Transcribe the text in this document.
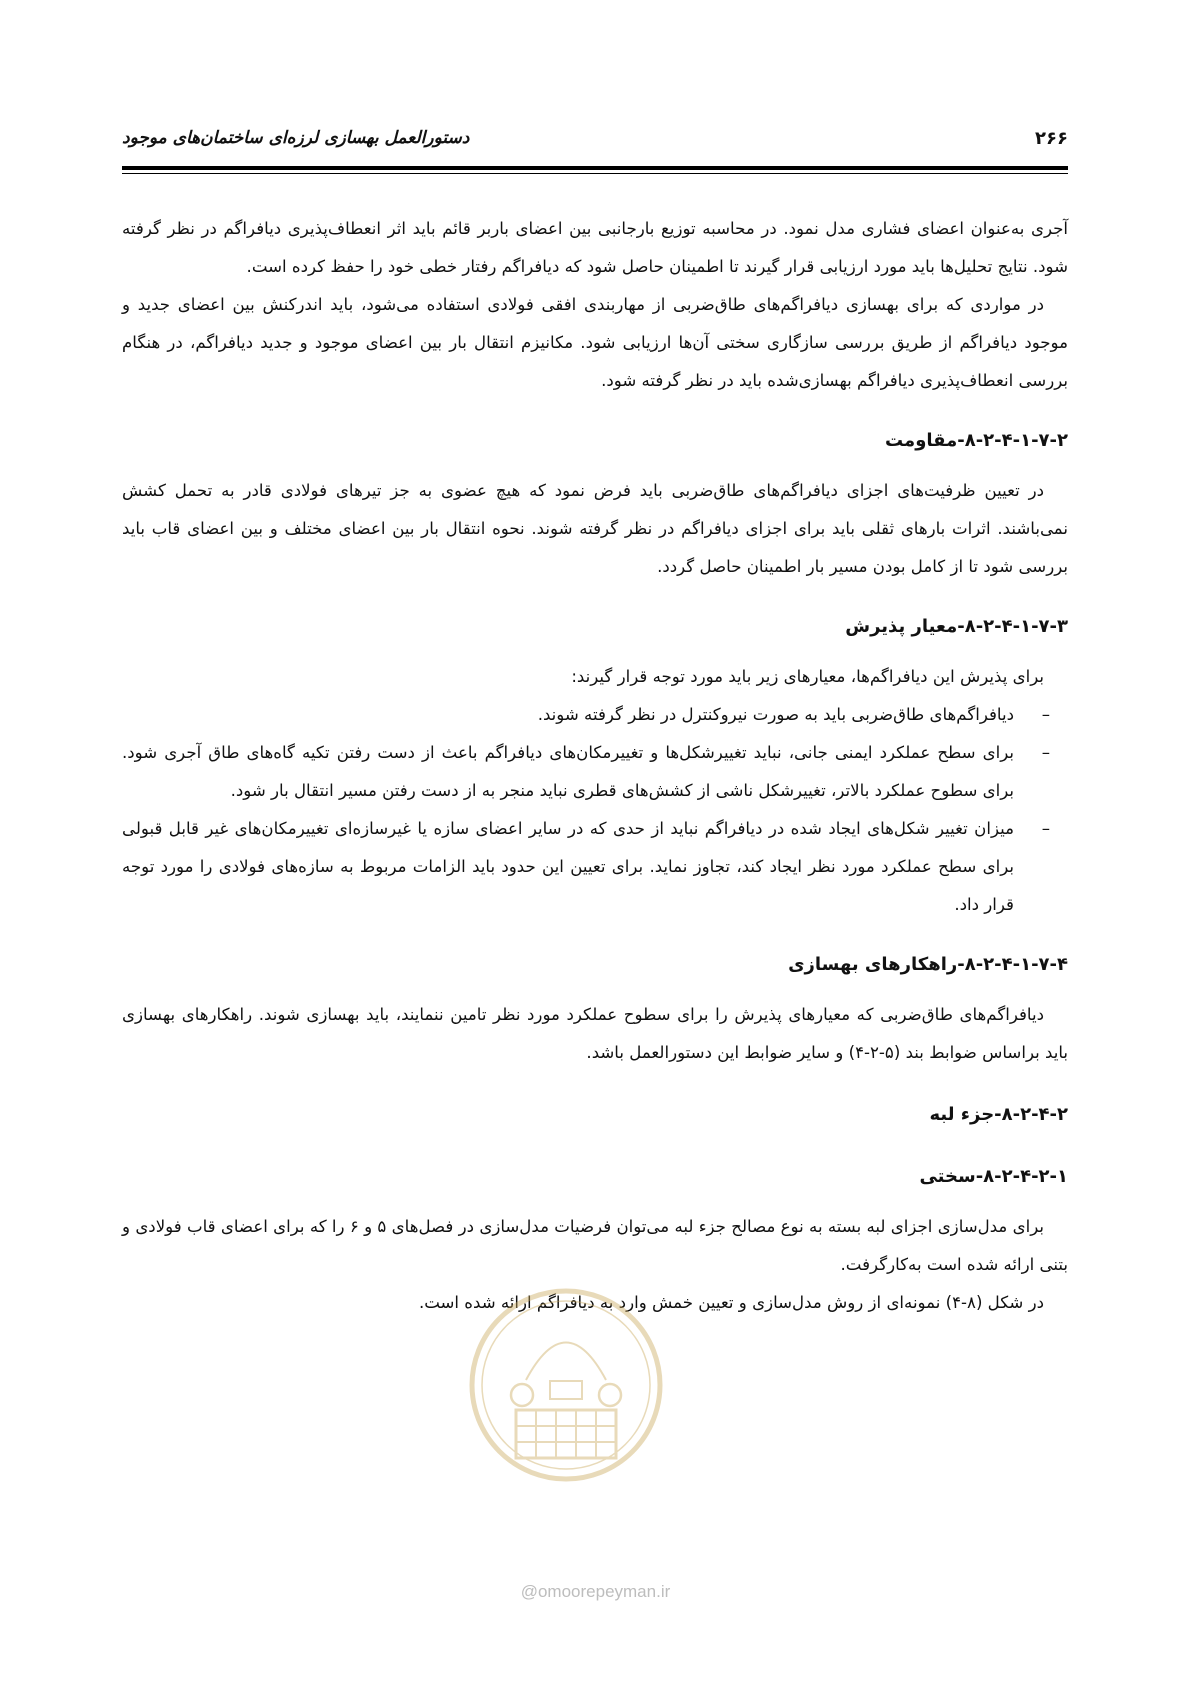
دستورالعمل بهسازی لرزه‌ای ساختمان‌های موجود	۲۶۶

آجری به‌عنوان اعضای فشاری مدل نمود. در محاسبه توزیع بارجانبی بین اعضای باربر قائم باید اثر انعطاف‌پذیری دیافراگم در نظر گرفته شود. نتایج تحلیل‌ها باید مورد ارزیابی قرار گیرند تا اطمینان حاصل شود که دیافراگم رفتار خطی خود را حفظ کرده است.

در مواردی که برای بهسازی دیافراگم‌های طاق‌ضربی از مهاربندی افقی فولادی استفاده می‌شود، باید اندرکنش بین اعضای جدید و موجود دیافراگم از طریق بررسی سازگاری سختی آن‌ها ارزیابی شود. مکانیزم انتقال بار بین اعضای موجود و جدید دیافراگم، در هنگام بررسی انعطاف‌پذیری دیافراگم بهسازی‌شده باید در نظر گرفته شود.

۸-۲-۴-۱-۷-۲-مقاومت

در تعیین ظرفیت‌های اجزای دیافراگم‌های طاق‌ضربی باید فرض نمود که هیچ عضوی به جز تیرهای فولادی قادر به تحمل کشش نمی‌باشند. اثرات بارهای ثقلی باید برای اجزای دیافراگم در نظر گرفته شوند. نحوه انتقال بار بین اعضای مختلف و بین اعضای قاب باید بررسی شود تا از کامل بودن مسیر بار اطمینان حاصل گردد.

۸-۲-۴-۱-۷-۳-معیار پذیرش

برای پذیرش این دیافراگم‌ها، معیارهای زیر باید مورد توجه قرار گیرند:

–
دیافراگم‌های طاق‌ضربی باید به صورت نیروکنترل در نظر گرفته شوند.
–
برای سطح عملکرد ایمنی جانی، نباید تغییرشکل‌ها و تغییرمکان‌های دیافراگم باعث از دست رفتن تکیه گاه‌های طاق آجری شود. برای سطوح عملکرد بالاتر، تغییرشکل ناشی از کشش‌های قطری نباید منجر به از دست رفتن مسیر انتقال بار شود.
–
میزان تغییر شکل‌های ایجاد شده در دیافراگم نباید از حدی که در سایر اعضای سازه یا غیرسازه‌ای تغییرمکان‌های غیر قابل قبولی برای سطح عملکرد مورد نظر ایجاد کند، تجاوز نماید. برای تعیین این حدود باید الزامات مربوط به سازه‌های فولادی را مورد توجه قرار داد.
۸-۲-۴-۱-۷-۴-راهکارهای بهسازی

دیافراگم‌های طاق‌ضربی که معیارهای پذیرش را برای سطوح عملکرد مورد نظر تامین ننمایند، باید بهسازی شوند. راهکارهای بهسازی باید براساس ضوابط بند (۵-۲-۴) و سایر ضوابط این دستورالعمل باشد.

۸-۲-۴-۲-جزء لبه
۸-۲-۴-۲-۱-سختی

برای مدل‌سازی اجزای لبه بسته به نوع مصالح جزء لبه می‌توان فرضیات مدل‌سازی در فصل‌های ۵ و ۶ را که برای اعضای قاب فولادی و بتنی ارائه شده است به‌کارگرفت.

در شکل (۸-۴) نمونه‌ای از روش مدل‌سازی و تعیین خمش وارد به دیافراگم ارائه شده است.

@omoorepeyman.ir
